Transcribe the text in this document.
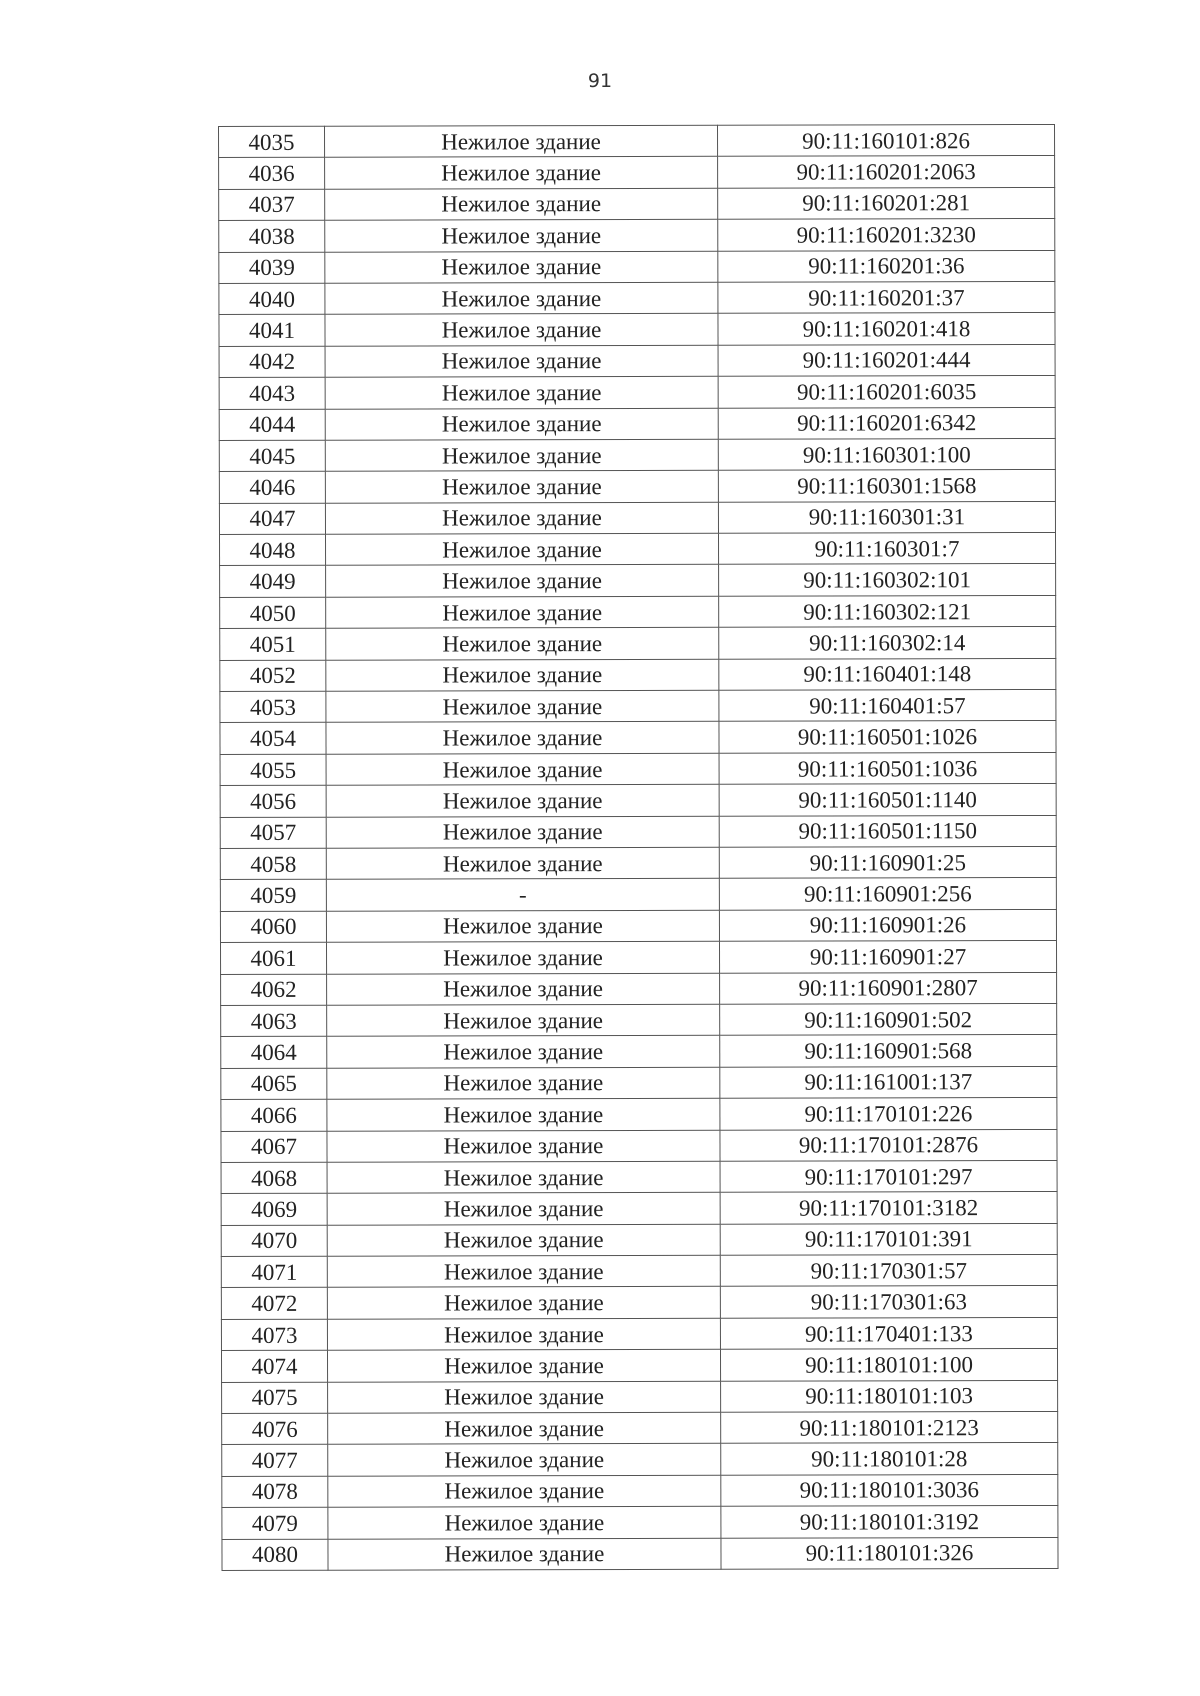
91
4035	Нежилое здание	90:11:160101:826
4036	Нежилое здание	90:11:160201:2063
4037	Нежилое здание	90:11:160201:281
4038	Нежилое здание	90:11:160201:3230
4039	Нежилое здание	90:11:160201:36
4040	Нежилое здание	90:11:160201:37
4041	Нежилое здание	90:11:160201:418
4042	Нежилое здание	90:11:160201:444
4043	Нежилое здание	90:11:160201:6035
4044	Нежилое здание	90:11:160201:6342
4045	Нежилое здание	90:11:160301:100
4046	Нежилое здание	90:11:160301:1568
4047	Нежилое здание	90:11:160301:31
4048	Нежилое здание	90:11:160301:7
4049	Нежилое здание	90:11:160302:101
4050	Нежилое здание	90:11:160302:121
4051	Нежилое здание	90:11:160302:14
4052	Нежилое здание	90:11:160401:148
4053	Нежилое здание	90:11:160401:57
4054	Нежилое здание	90:11:160501:1026
4055	Нежилое здание	90:11:160501:1036
4056	Нежилое здание	90:11:160501:1140
4057	Нежилое здание	90:11:160501:1150
4058	Нежилое здание	90:11:160901:25
4059	-	90:11:160901:256
4060	Нежилое здание	90:11:160901:26
4061	Нежилое здание	90:11:160901:27
4062	Нежилое здание	90:11:160901:2807
4063	Нежилое здание	90:11:160901:502
4064	Нежилое здание	90:11:160901:568
4065	Нежилое здание	90:11:161001:137
4066	Нежилое здание	90:11:170101:226
4067	Нежилое здание	90:11:170101:2876
4068	Нежилое здание	90:11:170101:297
4069	Нежилое здание	90:11:170101:3182
4070	Нежилое здание	90:11:170101:391
4071	Нежилое здание	90:11:170301:57
4072	Нежилое здание	90:11:170301:63
4073	Нежилое здание	90:11:170401:133
4074	Нежилое здание	90:11:180101:100
4075	Нежилое здание	90:11:180101:103
4076	Нежилое здание	90:11:180101:2123
4077	Нежилое здание	90:11:180101:28
4078	Нежилое здание	90:11:180101:3036
4079	Нежилое здание	90:11:180101:3192
4080	Нежилое здание	90:11:180101:326
